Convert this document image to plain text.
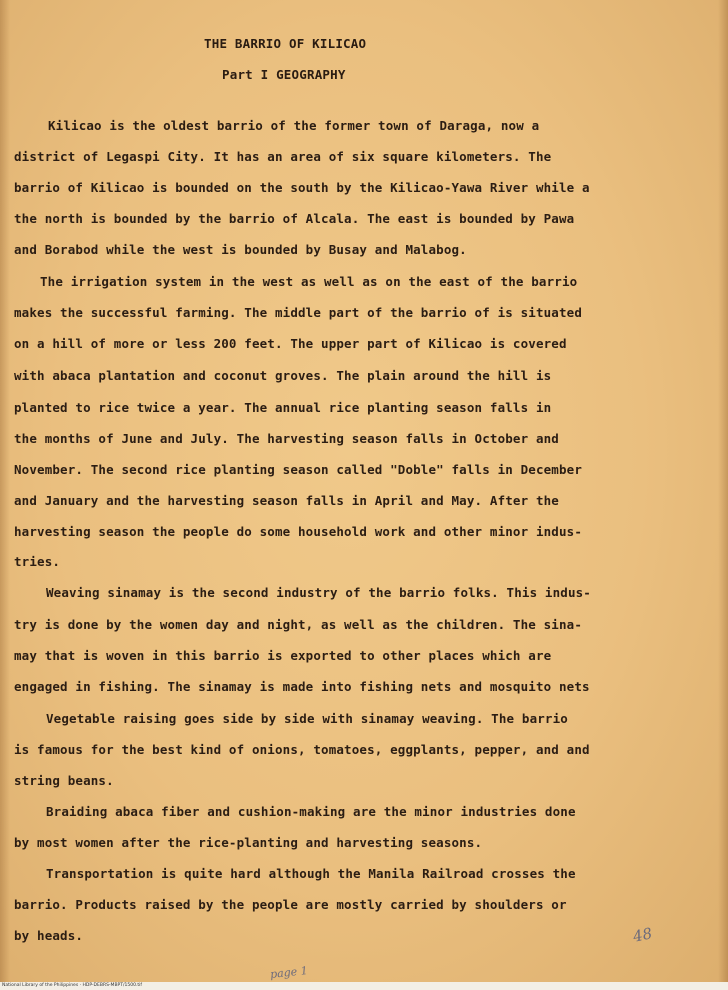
THE BARRIO OF KILICAO
Part I GEOGRAPHY
Kilicao is the oldest barrio of the former town of Daraga, now a
district of Legaspi City. It has an area of six square kilometers. The
barrio of Kilicao is bounded on the south by the Kilicao-Yawa River while a
the north is bounded by the barrio of Alcala. The east is bounded by Pawa
and Borabod while the west is bounded by Busay and Malabog.
The irrigation system in the west as well as on the east of the barrio
makes the successful farming. The middle part of the barrio of is situated
on a hill of more or less 200 feet. The upper part of Kilicao is covered
with abaca plantation and coconut groves. The plain around the hill is
planted to rice twice a year. The annual rice planting season falls in
the months of June and July. The harvesting season falls in October and
November. The second rice planting season called "Doble" falls in December
and January and the harvesting season falls in April and May. After the
harvesting season the people do some household work and other minor indus-
tries.
Weaving sinamay is the second industry of the barrio folks. This indus-
try is done by the women day and night, as well as the children. The sina-
may that is woven in this barrio is exported to other places which are
engaged in fishing. The sinamay is made into fishing nets and mosquito nets
Vegetable raising goes side by side with sinamay weaving. The barrio
is famous for the best kind of onions, tomatoes, eggplants, pepper, and and
string beans.
Braiding abaca fiber and cushion-making are the minor industries done
by most women after the rice-planting and harvesting seasons.
Transportation is quite hard although the Manila Railroad crosses the
barrio. Products raised by the people are mostly carried by shoulders or
by heads.	48
page 1
National Library of the Philippines · HDP-DEBRS-MBPT/1500.tif
